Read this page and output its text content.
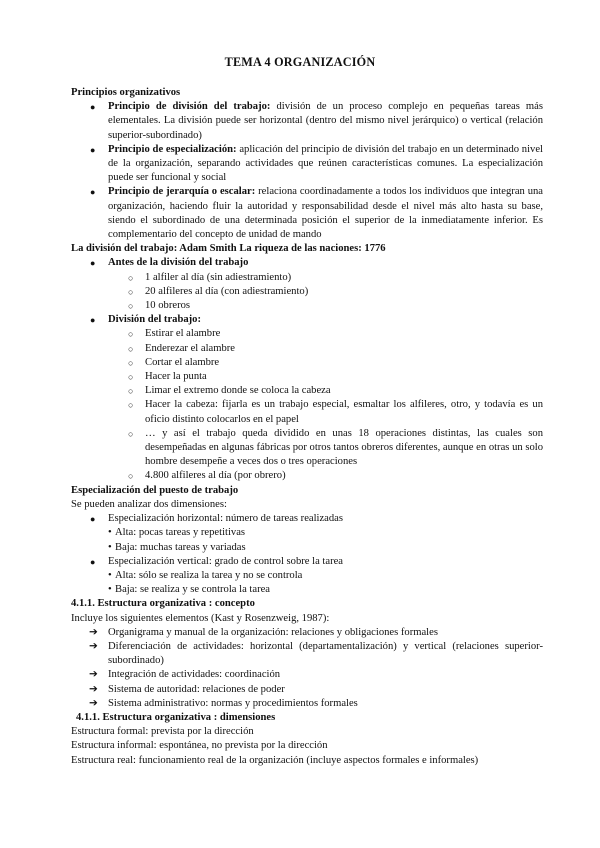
TEMA 4 ORGANIZACIÓN

Principios organizativos

● Principio de división del trabajo: división de un proceso complejo en pequeñas tareas más elementales. La división puede ser horizontal (dentro del mismo nivel jerárquico) o vertical (relación superior-subordinado)
● Principio de especialización: aplicación del principio de división del trabajo en un determinado nivel de la organización, separando actividades que reúnen características comunes. La especialización puede ser funcional y social
● Principio de jerarquía o escalar: relaciona coordinadamente a todos los individuos que integran una organización, haciendo fluir la autoridad y responsabilidad desde el nivel más alto hasta su base, siendo el subordinado de una determinada posición el superior de la inmediatamente inferior. Es complementario del concepto de unidad de mando

La división del trabajo: Adam Smith La riqueza de las naciones: 1776

● Antes de la división del trabajo
○ 1 alfiler al día (sin adiestramiento)
○ 20 alfileres al día (con adiestramiento)
○ 10 obreros
● División del trabajo:
○ Estirar el alambre
○ Enderezar el alambre
○ Cortar el alambre
○ Hacer la punta
○ Limar el extremo donde se coloca la cabeza
○ Hacer la cabeza: fijarla es un trabajo especial, esmaltar los alfileres, otro, y todavía es un oficio distinto colocarlos en el papel
○ … y así el trabajo queda dividido en unas 18 operaciones distintas, las cuales son desempeñadas en algunas fábricas por otros tantos obreros diferentes, aunque en otras un solo hombre desempeñe a veces dos o tres operaciones
○ 4.800 alfileres al día (por obrero)

Especialización del puesto de trabajo

Se pueden analizar dos dimensiones:

● Especialización horizontal: número de tareas realizadas
• Alta: pocas tareas y repetitivas
• Baja: muchas tareas y variadas
● Especialización vertical: grado de control sobre la tarea
• Alta: sólo se realiza la tarea y no se controla
• Baja: se realiza y se controla la tarea

4.1.1. Estructura organizativa : concepto

Incluye los siguientes elementos (Kast y Rosenzweig, 1987):

➔ Organigrama y manual de la organización: relaciones y obligaciones formales
➔ Diferenciación de actividades: horizontal (departamentalización) y vertical (relaciones superior-subordinado)
➔ Integración de actividades: coordinación
➔ Sistema de autoridad: relaciones de poder
➔ Sistema administrativo: normas y procedimientos formales

4.1.1. Estructura organizativa : dimensiones

Estructura formal: prevista por la dirección

Estructura informal: espontánea, no prevista por la dirección

Estructura real: funcionamiento real de la organización (incluye aspectos formales e informales)
